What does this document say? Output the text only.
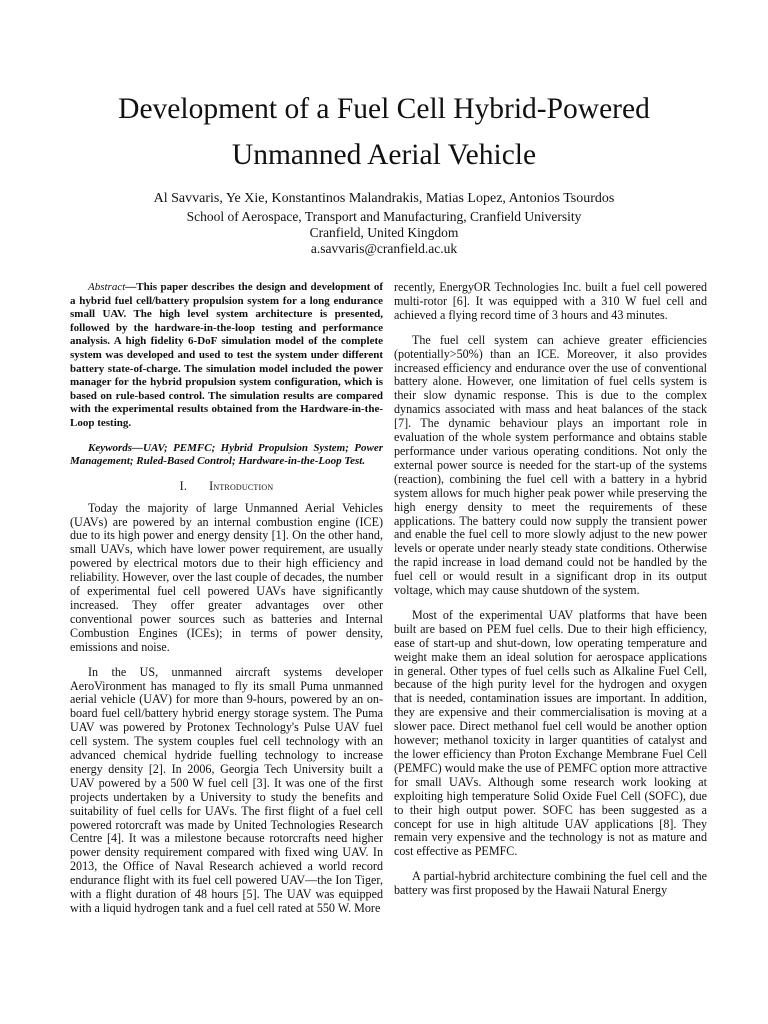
Development of a Fuel Cell Hybrid-Powered
Unmanned Aerial Vehicle
Al Savvaris, Ye Xie, Konstantinos Malandrakis, Matias Lopez, Antonios Tsourdos
School of Aerospace, Transport and Manufacturing, Cranfield University
Cranfield, United Kingdom
a.savvaris@cranfield.ac.uk

Abstract—This paper describes the design and development of a hybrid fuel cell/battery propulsion system for a long endurance small UAV. The high level system architecture is presented, followed by the hardware-in-the-loop testing and performance analysis. A high fidelity 6-DoF simulation model of the complete system was developed and used to test the system under different battery state-of-charge. The simulation model included the power manager for the hybrid propulsion system configuration, which is based on rule-based control. The simulation results are compared with the experimental results obtained from the Hardware-in-the-Loop testing.

Keywords—UAV; PEMFC; Hybrid Propulsion System; Power Management; Ruled-Based Control; Hardware-in-the-Loop Test.

I. Introduction

Today the majority of large Unmanned Aerial Vehicles (UAVs) are powered by an internal combustion engine (ICE) due to its high power and energy density [1]. On the other hand, small UAVs, which have lower power requirement, are usually powered by electrical motors due to their high efficiency and reliability. However, over the last couple of decades, the number of experimental fuel cell powered UAVs have significantly increased. They offer greater advantages over other conventional power sources such as batteries and Internal Combustion Engines (ICEs); in terms of power density, emissions and noise.

In the US, unmanned aircraft systems developer AeroVironment has managed to fly its small Puma unmanned aerial vehicle (UAV) for more than 9-hours, powered by an on-board fuel cell/battery hybrid energy storage system. The Puma UAV was powered by Protonex Technology's Pulse UAV fuel cell system. The system couples fuel cell technology with an advanced chemical hydride fuelling technology to increase energy density [2]. In 2006, Georgia Tech University built a UAV powered by a 500 W fuel cell [3]. It was one of the first projects undertaken by a University to study the benefits and suitability of fuel cells for UAVs. The first flight of a fuel cell powered rotorcraft was made by United Technologies Research Centre [4]. It was a milestone because rotorcrafts need higher power density requirement compared with fixed wing UAV. In 2013, the Office of Naval Research achieved a world record endurance flight with its fuel cell powered UAV—the Ion Tiger, with a flight duration of 48 hours [5]. The UAV was equipped with a liquid hydrogen tank and a fuel cell rated at 550 W. More

recently, EnergyOR Technologies Inc. built a fuel cell powered multi-rotor [6]. It was equipped with a 310 W fuel cell and achieved a flying record time of 3 hours and 43 minutes.

The fuel cell system can achieve greater efficiencies (potentially>50%) than an ICE. Moreover, it also provides increased efficiency and endurance over the use of conventional battery alone. However, one limitation of fuel cells system is their slow dynamic response. This is due to the complex dynamics associated with mass and heat balances of the stack [7]. The dynamic behaviour plays an important role in evaluation of the whole system performance and obtains stable performance under various operating conditions. Not only the external power source is needed for the start-up of the systems (reaction), combining the fuel cell with a battery in a hybrid system allows for much higher peak power while preserving the high energy density to meet the requirements of these applications. The battery could now supply the transient power and enable the fuel cell to more slowly adjust to the new power levels or operate under nearly steady state conditions. Otherwise the rapid increase in load demand could not be handled by the fuel cell or would result in a significant drop in its output voltage, which may cause shutdown of the system.

Most of the experimental UAV platforms that have been built are based on PEM fuel cells. Due to their high efficiency, ease of start-up and shut-down, low operating temperature and weight make them an ideal solution for aerospace applications in general. Other types of fuel cells such as Alkaline Fuel Cell, because of the high purity level for the hydrogen and oxygen that is needed, contamination issues are important. In addition, they are expensive and their commercialisation is moving at a slower pace. Direct methanol fuel cell would be another option however; methanol toxicity in larger quantities of catalyst and the lower efficiency than Proton Exchange Membrane Fuel Cell (PEMFC) would make the use of PEMFC option more attractive for small UAVs. Although some research work looking at exploiting high temperature Solid Oxide Fuel Cell (SOFC), due to their high output power. SOFC has been suggested as a concept for use in high altitude UAV applications [8]. They remain very expensive and the technology is not as mature and cost effective as PEMFC.

A partial-hybrid architecture combining the fuel cell and the battery was first proposed by the Hawaii Natural Energy
